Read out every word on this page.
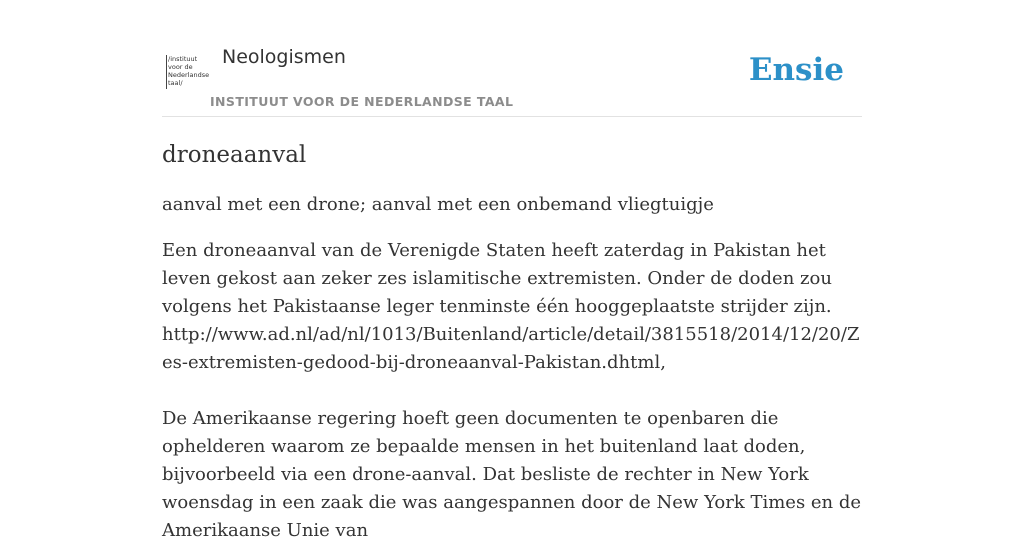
/instituut
voor de
Nederlandse
taal/
Neologismen
INSTITUUT VOOR DE NEDERLANDSE TAAL
Ensie
droneaanval
aanval met een drone; aanval met een onbemand vliegtuigje

Een droneaanval van de Verenigde Staten heeft zaterdag in Pakistan het leven gekost aan zeker zes islamitische extremisten. Onder de doden zou volgens het Pakistaanse leger tenminste één hooggeplaatste strijder zijn. http://www.ad.nl/ad/nl/1013/Buitenland/article/detail/3815518/2014/12/20/Zes-extremisten-gedood-bij-droneaanval-Pakistan.dhtml,

De Amerikaanse regering hoeft geen documenten te openbaren die ophelderen waarom ze bepaalde mensen in het buitenland laat doden, bijvoorbeeld via een drone-aanval. Dat besliste de rechter in New York woensdag in een zaak die was aangespannen door de New York Times en de Amerikaanse Unie van
